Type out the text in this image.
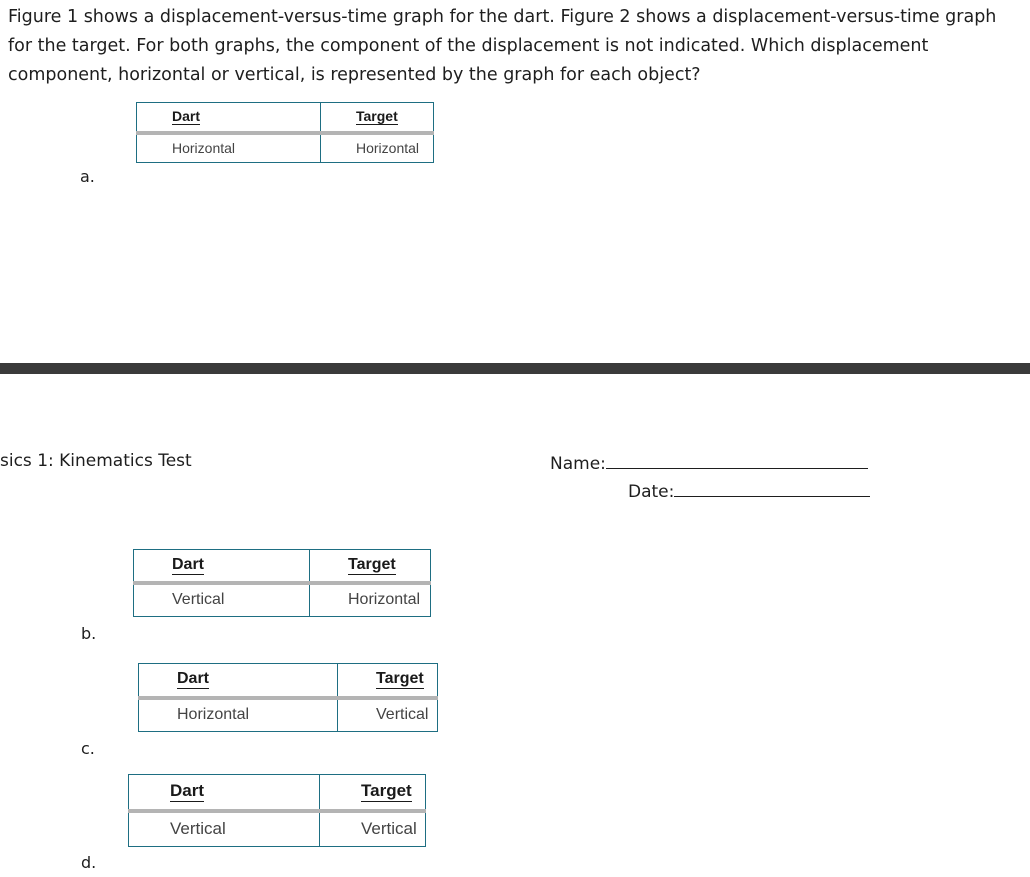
Figure 1 shows a displacement-versus-time graph for the dart. Figure 2 shows a displacement-versus-time graph for the target. For both graphs, the component of the displacement is not indicated. Which displacement component, horizontal or vertical, is represented by the graph for each object?

Dart	Target
Horizontal	Horizontal
a.
sics 1: Kinematics Test	Name:
Date:
Dart	Target
Vertical	Horizontal
b.
Dart	Target
Horizontal	Vertical
c.
Dart	Target
Vertical	Vertical
d.
